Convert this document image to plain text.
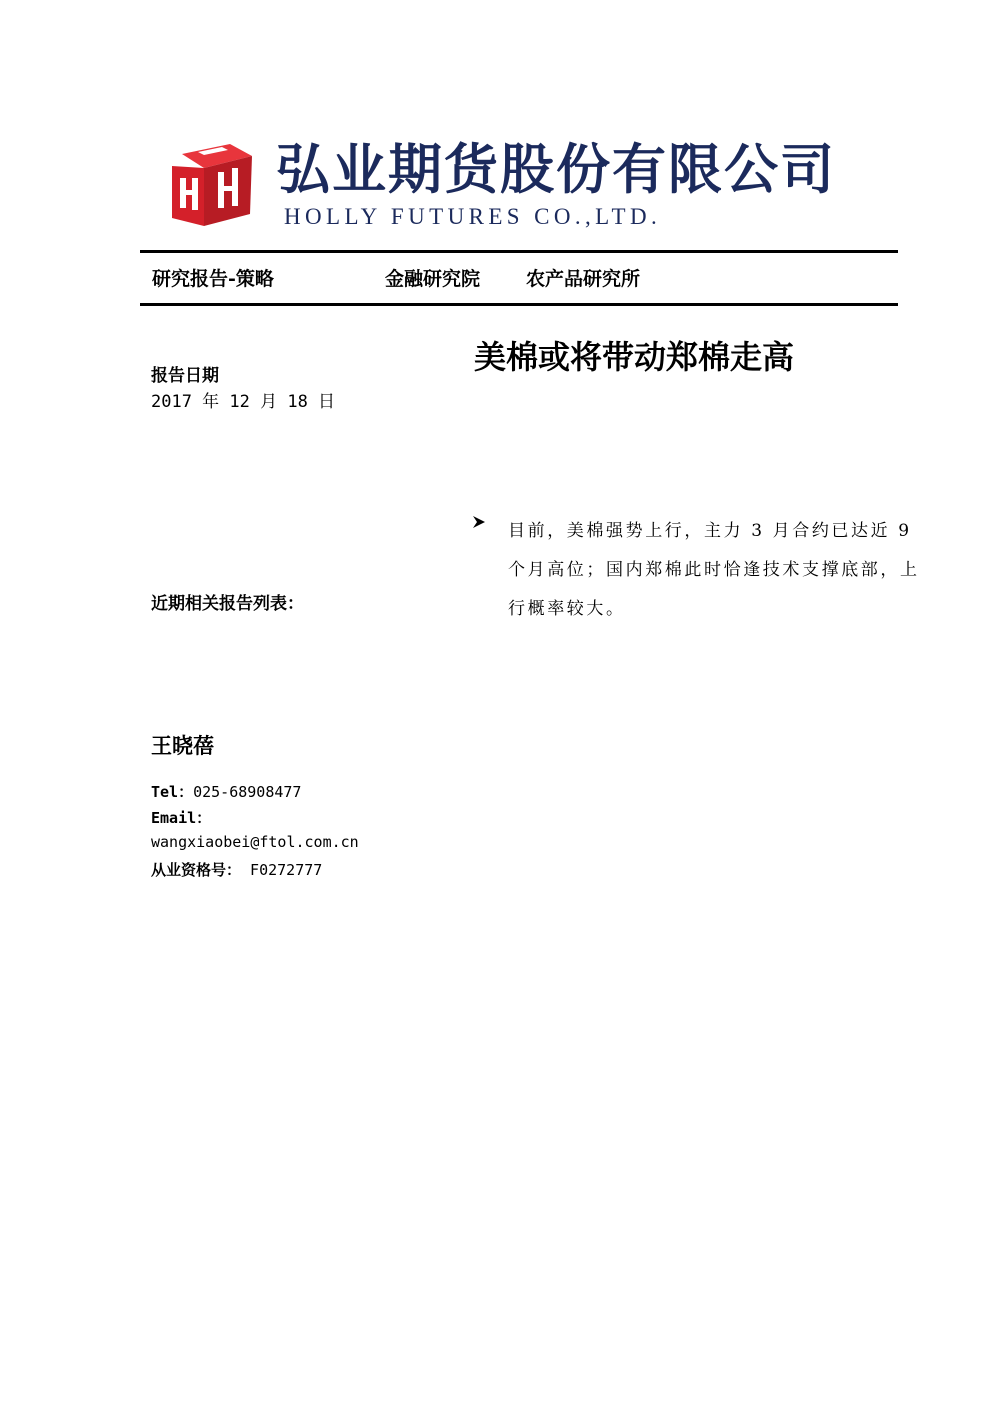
弘业期货股份有限公司
HOLLY FUTURES CO.,LTD.
研究报告-策略	金融研究院 农产品研究所
美棉或将带动郑棉走高
报告日期
2017 年 12 月 18 日
目前，美棉强势上行，主力 3 月合约已达近 9 个月高位；国内郑棉此时恰逢技术支撑底部，上行概率较大。
近期相关报告列表：
王晓蓓
Tel：025-68908477
Email：
wangxiaobei@ftol.com.cn
从业资格号： F0272777
